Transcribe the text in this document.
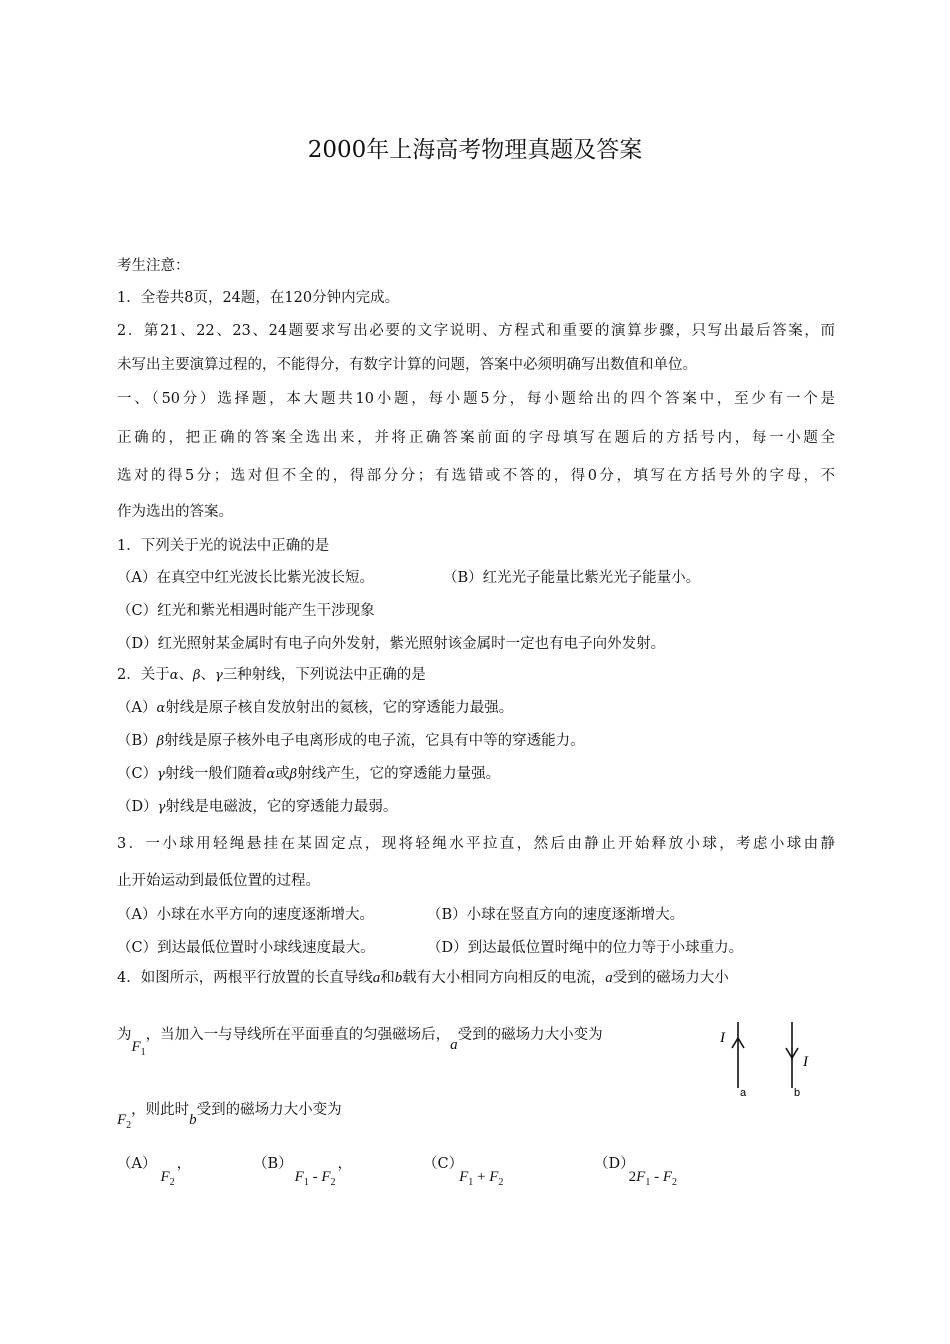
2000年上海高考物理真题及答案
考生注意：
1．全卷共8页，24题，在120分钟内完成。
2．第21、22、23、24题要求写出必要的文字说明、方程式和重要的演算步骤，只写出最后答案，而
未写出主要演算过程的，不能得分，有数字计算的问题，答案中必须明确写出数值和单位。
一、（50分）选择题，本大题共10小题，每小题5分，每小题给出的四个答案中，至少有一个是
正确的，把正确的答案全选出来，并将正确答案前面的字母填写在题后的方括号内，每一小题全
选对的得5分；选对但不全的，得部分分；有选错或不答的，得0分，填写在方括号外的字母，不
作为选出的答案。
1．下列关于光的说法中正确的是
（A）在真空中红光波长比紫光波长短。	（B）红光光子能量比紫光光子能量小。
（C）红光和紫光相遇时能产生干涉现象
（D）红光照射某金属时有电子向外发射，紫光照射该金属时一定也有电子向外发射。
2．关于α、β、γ三种射线，下列说法中正确的是
（A）α射线是原子核自发放射出的氦核，它的穿透能力最强。
（B）β射线是原子核外电子电离形成的电子流，它具有中等的穿透能力。
（C）γ射线一般们随着α或β射线产生，它的穿透能力量强。
（D）γ射线是电磁波，它的穿透能力最弱。
3．一小球用轻绳悬挂在某固定点，现将轻绳水平拉直，然后由静止开始释放小球，考虑小球由静
止开始运动到最低位置的过程。
（A）小球在水平方向的速度逐渐增大。	（B）小球在竖直方向的速度逐渐增大。
（C）到达最低位置时小球线速度最大。	（D）到达最低位置时绳中的位力等于小球重力。
4．如图所示，两根平行放置的长直导线a和b载有大小相同方向相反的电流，a受到的磁场力大小
为$F_1$，当加入一与导线所在平面垂直的匀强磁场后，a受到的磁场力大小变为
$F_2$，则此时b受到的磁场力大小变为
$(A)F_2$，	$(B)F_1 - F_2$，	$(C)F_1 + F_2$
$(D)2F_1 - F_2$
I
I
a	b
